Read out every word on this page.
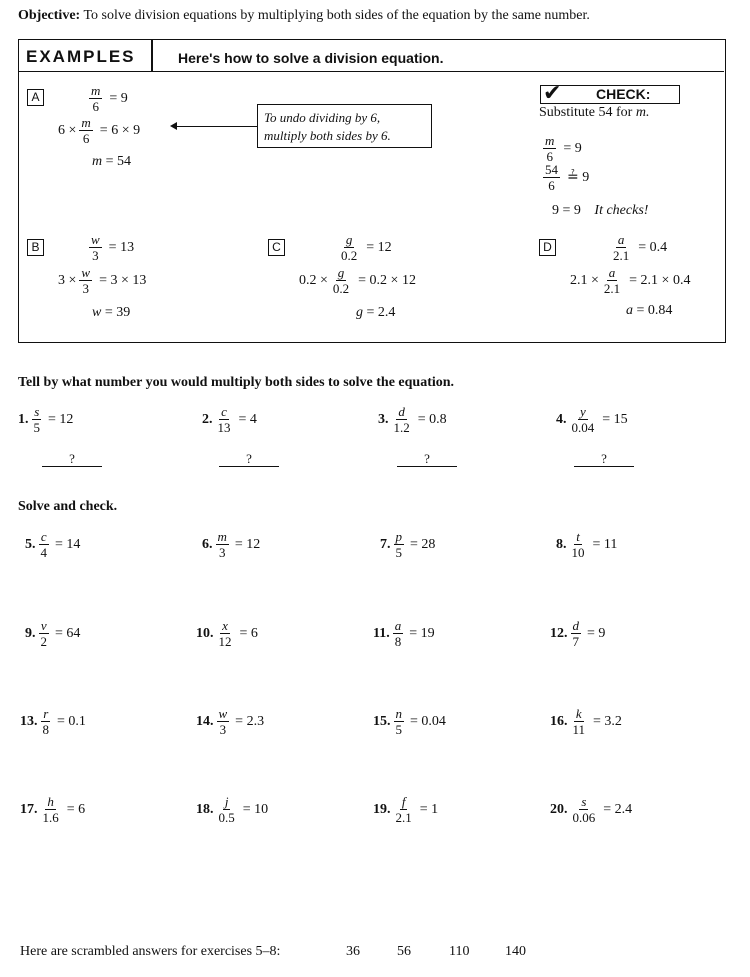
Objective: To solve division equations by multiplying both sides of the equation by the same number.
EXAMPLES	Here's how to solve a division equation.
A	$\frac{m}{6} = 9$
$6 \times \frac{m}{6} = 6 \times 9$
To undo dividing by 6,
multiply both sides by 6.
m = 54
✔ CHECK:
Substitute 54 for m.
$\frac{m}{6} = 9$
$\frac{54}{6}$ ≟ 9
9 = 9 It checks!
B	$\frac{w}{3} = 13$
$3 \times \frac{w}{3} = 3 \times 13$
w = 39
C	$\frac{g}{0.2} = 12$
$0.2 \times \frac{g}{0.2} = 0.2 \times 12$
g = 2.4
D	$\frac{a}{2.1} = 0.4$
$2.1 \times \frac{a}{2.1} = 2.1 \times 0.4$
a = 0.84
Tell by what number you would multiply both sides to solve the equation.
1. $\frac{s}{5} = 12$
?
2. $\frac{c}{13} = 4$
?
3. $\frac{d}{1.2} = 0.8$
?
4. $\frac{y}{0.04} = 15$
?
Solve and check.
5. $\frac{c}{4} = 14$	6. $\frac{m}{3} = 12$	7. $\frac{p}{5} = 28$	8. $\frac{t}{10} = 11$
9. $\frac{v}{2} = 64$	10. $\frac{x}{12} = 6$	11. $\frac{a}{8} = 19$	12. $\frac{d}{7} = 9$
13. $\frac{r}{8} = 0.1$	14. $\frac{w}{3} = 2.3$	15. $\frac{n}{5} = 0.04$	16. $\frac{k}{11} = 3.2$
17. $\frac{h}{1.6} = 6$	18. $\frac{j}{0.5} = 10$	19. $\frac{f}{2.1} = 1$	20. $\frac{s}{0.06} = 2.4$
Here are scrambled answers for exercises 5–8:	36	56	110	140
